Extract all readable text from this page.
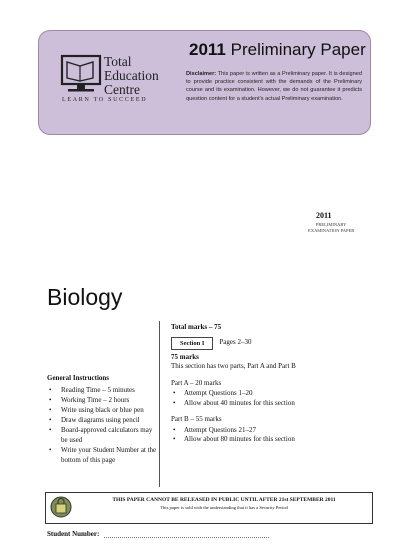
Total
Education
Centre
LEARN TO SUCCEED
2011 Preliminary Paper
Disclaimer: This paper is written as a Preliminary paper. It is designed to provide practice consistent with the demands of the Preliminary course and its examination. However, we do not guarantee it predicts question content for a student's actual Preliminary examination.
2011
PRELIMINARY
EXAMINATION PAPER
Biology
General Instructions
• Reading Time – 5 minutes
• Working Time – 2 hours
• Write using black or blue pen
• Draw diagrams using pencil
• Board-approved calculators may be used
• Write your Student Number at the bottom of this page
Total marks – 75
Section I	Pages 2–30
75 marks
This section has two parts, Part A and Part B
Part A – 20 marks
• Attempt Questions 1–20
• Allow about 40 minutes for this section
Part B – 55 marks
• Attempt Questions 21–27
• Allow about 80 minutes for this section
THIS PAPER CANNOT BE RELEASED IN PUBLIC UNTIL AFTER 21st SEPTEMBER 2011
This paper is sold with the understanding that it has a Security Period
Student Number:
